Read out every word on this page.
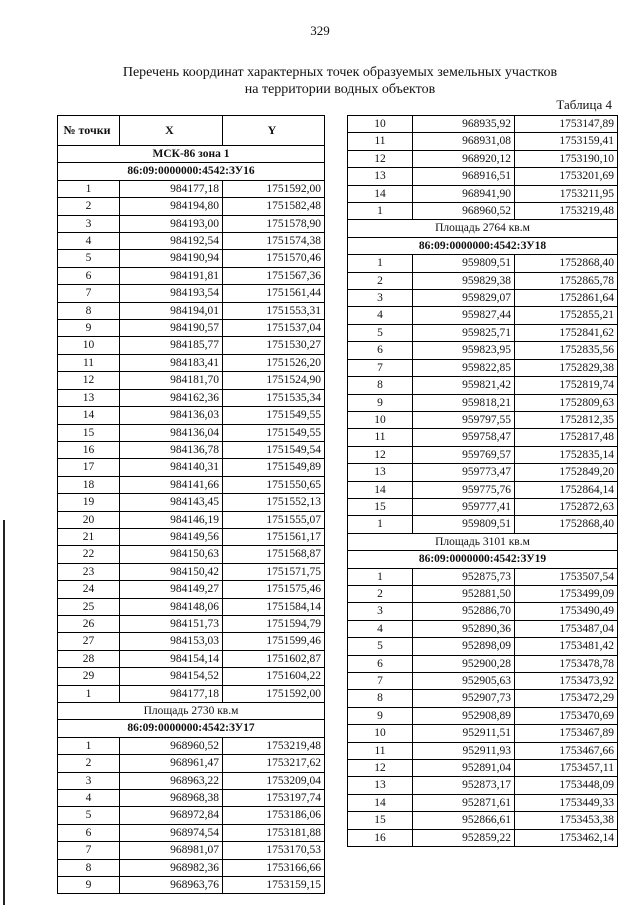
329
Перечень координат характерных точек образуемых земельных участков
на территории водных объектов
Таблица 4
№ точки	X	Y
МСК-86 зона 1		
86:09:0000000:4542:ЗУ16		
1	984177,18	1751592,00
2	984194,80	1751582,48
3	984193,00	1751578,90
4	984192,54	1751574,38
5	984190,94	1751570,46
6	984191,81	1751567,36
7	984193,54	1751561,44
8	984194,01	1751553,31
9	984190,57	1751537,04
10	984185,77	1751530,27
11	984183,41	1751526,20
12	984181,70	1751524,90
13	984162,36	1751535,34
14	984136,03	1751549,55
15	984136,04	1751549,55
16	984136,78	1751549,54
17	984140,31	1751549,89
18	984141,66	1751550,65
19	984143,45	1751552,13
20	984146,19	1751555,07
21	984149,56	1751561,17
22	984150,63	1751568,87
23	984150,42	1751571,75
24	984149,27	1751575,46
25	984148,06	1751584,14
26	984151,73	1751594,79
27	984153,03	1751599,46
28	984154,14	1751602,87
29	984154,52	1751604,22
1	984177,18	1751592,00
Площадь 2730 кв.м		
86:09:0000000:4542:ЗУ17		
1	968960,52	1753219,48
2	968961,47	1753217,62
3	968963,22	1753209,04
4	968968,38	1753197,74
5	968972,84	1753186,06
6	968974,54	1753181,88
7	968981,07	1753170,53
8	968982,36	1753166,66
9	968963,76	1753159,15
10	968935,92	1753147,89
11	968931,08	1753159,41
12	968920,12	1753190,10
13	968916,51	1753201,69
14	968941,90	1753211,95
1	968960,52	1753219,48
Площадь 2764 кв.м		
86:09:0000000:4542:ЗУ18		
1	959809,51	1752868,40
2	959829,38	1752865,78
3	959829,07	1752861,64
4	959827,44	1752855,21
5	959825,71	1752841,62
6	959823,95	1752835,56
7	959822,85	1752829,38
8	959821,42	1752819,74
9	959818,21	1752809,63
10	959797,55	1752812,35
11	959758,47	1752817,48
12	959769,57	1752835,14
13	959773,47	1752849,20
14	959775,76	1752864,14
15	959777,41	1752872,63
1	959809,51	1752868,40
Площадь 3101 кв.м		
86:09:0000000:4542:ЗУ19		
1	952875,73	1753507,54
2	952881,50	1753499,09
3	952886,70	1753490,49
4	952890,36	1753487,04
5	952898,09	1753481,42
6	952900,28	1753478,78
7	952905,63	1753473,92
8	952907,73	1753472,29
9	952908,89	1753470,69
10	952911,51	1753467,89
11	952911,93	1753467,66
12	952891,04	1753457,11
13	952873,17	1753448,09
14	952871,61	1753449,33
15	952866,61	1753453,38
16	952859,22	1753462,14
